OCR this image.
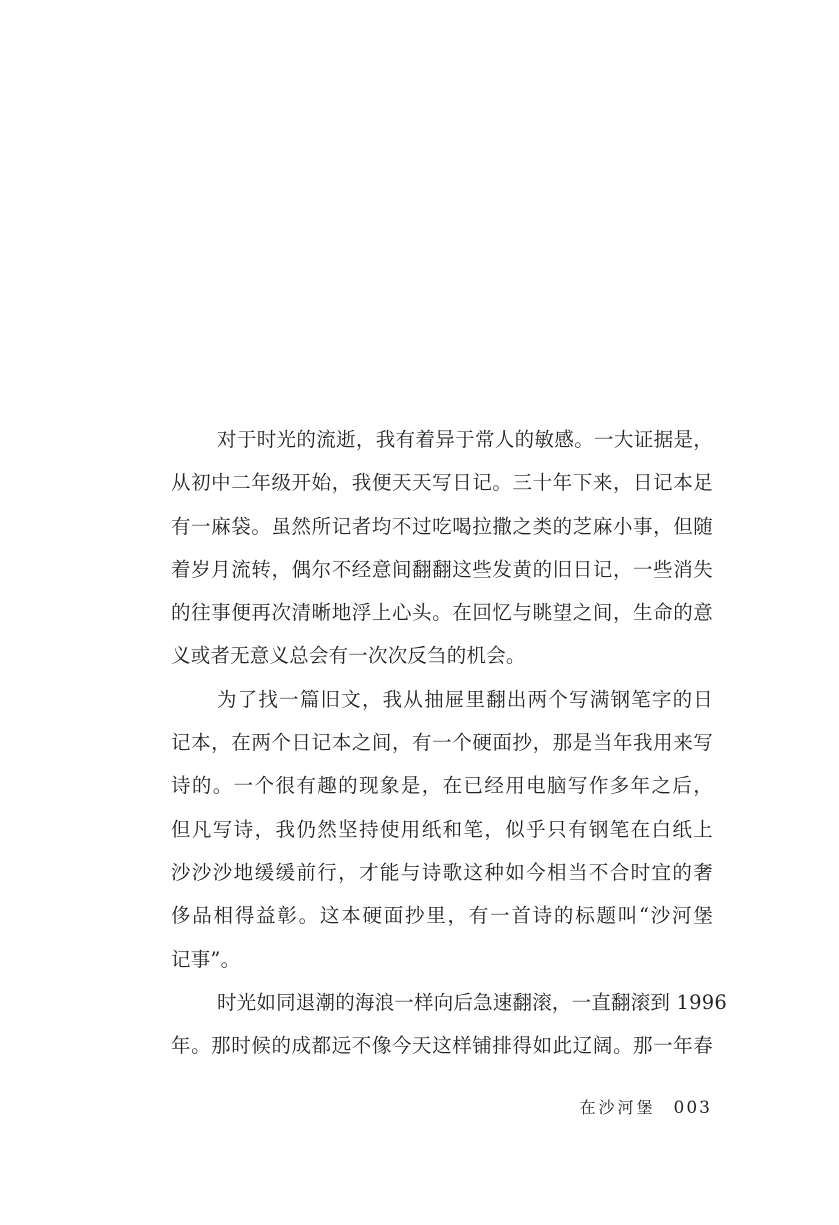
对于时光的流逝，我有着异于常人的敏感。一大证据是，
从初中二年级开始，我便天天写日记。三十年下来，日记本足
有一麻袋。虽然所记者均不过吃喝拉撒之类的芝麻小事，但随
着岁月流转，偶尔不经意间翻翻这些发黄的旧日记，一些消失
的往事便再次清晰地浮上心头。在回忆与眺望之间，生命的意
义或者无意义总会有一次次反刍的机会。
为了找一篇旧文，我从抽屉里翻出两个写满钢笔字的日
记本，在两个日记本之间，有一个硬面抄，那是当年我用来写
诗的。一个很有趣的现象是，在已经用电脑写作多年之后，
但凡写诗，我仍然坚持使用纸和笔，似乎只有钢笔在白纸上
沙沙沙地缓缓前行，才能与诗歌这种如今相当不合时宜的奢
侈品相得益彰。这本硬面抄里，有一首诗的标题叫“沙河堡
记事”。
时光如同退潮的海浪一样向后急速翻滚，一直翻滚到 1996
年。那时候的成都远不像今天这样铺排得如此辽阔。那一年春
在沙河堡 003
